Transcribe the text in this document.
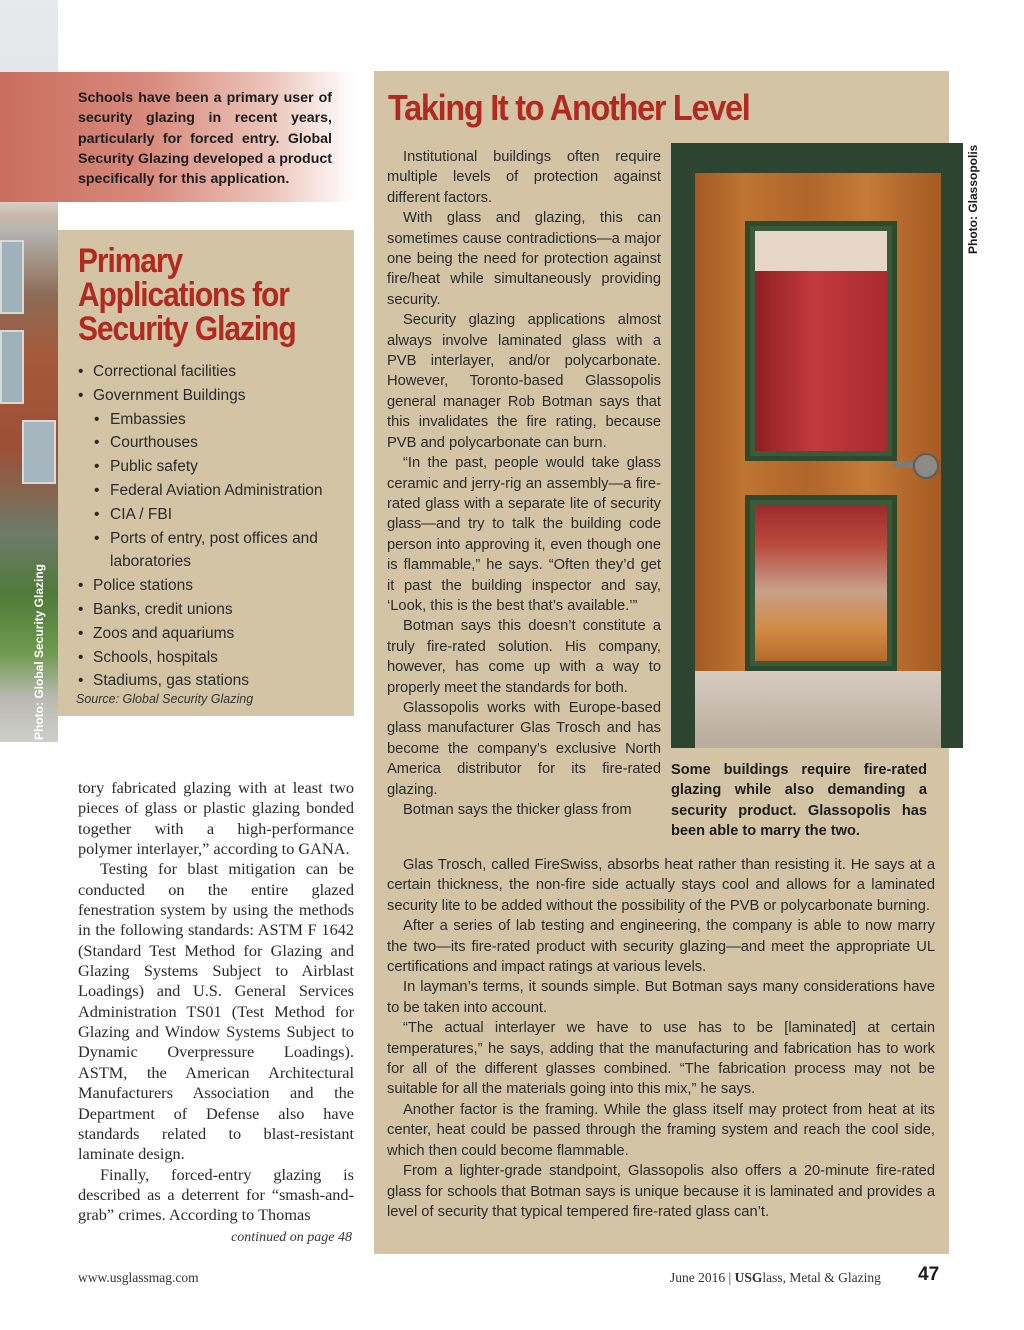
Photo: Global Security Glazing
Schools have been a primary user of security glazing in recent years, particularly for forced entry. Global Security Glazing developed a product specifically for this application.
Primary Applications for Security Glazing
• Correctional facilities
• Government Buildings
• Embassies
• Courthouses
• Public safety
• Federal Aviation Administration
• CIA / FBI
• Ports of entry, post offices and
laboratories
• Police stations
• Banks, credit unions
• Zoos and aquariums
• Schools, hospitals
• Stadiums, gas stations
Source: Global Security Glazing

tory fabricated glazing with at least two pieces of glass or plastic glazing bonded together with a high-performance polymer interlayer,” according to GANA.

Testing for blast mitigation can be conducted on the entire glazed fenestration system by using the methods in the following standards: ASTM F 1642 (Standard Test Method for Glazing and Glazing Systems Subject to Airblast Loadings) and U.S. General Services Administration TS01 (Test Method for Glazing and Window Systems Subject to Dynamic Overpressure Loadings). ASTM, the American Architectural Manufacturers Association and the Department of Defense also have standards related to blast-resistant laminate design.

Finally, forced-entry glazing is described as a deterrent for “smash-and-grab” crimes. According to Thomas

continued on page 48
Taking It to Another Level

Institutional buildings often require multiple levels of protection against different factors.

With glass and glazing, this can sometimes cause contradictions—a major one being the need for protection against fire/heat while simultaneously providing security.

Security glazing applications almost always involve laminated glass with a PVB interlayer, and/or polycarbonate. However, Toronto-based Glassopolis general manager Rob Botman says that this invalidates the fire rating, because PVB and polycarbonate can burn.

“In the past, people would take glass ceramic and jerry-rig an assembly—a fire-rated glass with a separate lite of security glass—and try to talk the building code person into approving it, even though one is flammable,” he says. “Often they’d get it past the building inspector and say, ‘Look, this is the best that’s available.’”

Botman says this doesn’t constitute a truly fire-rated solution. His company, however, has come up with a way to properly meet the standards for both.

Glassopolis works with Europe-based glass manufacturer Glas Trosch and has become the company’s exclusive North America distributor for its fire-rated glazing.

Botman says the thicker glass from

Glas Trosch, called FireSwiss, absorbs heat rather than resisting it. He says at a certain thickness, the non-fire side actually stays cool and allows for a laminated security lite to be added without the possibility of the PVB or polycarbonate burning.

After a series of lab testing and engineering, the company is able to now marry the two—its fire-rated product with security glazing—and meet the appropriate UL certifications and impact ratings at various levels.

In layman’s terms, it sounds simple. But Botman says many considerations have to be taken into account.

“The actual interlayer we have to use has to be [laminated] at certain temperatures,” he says, adding that the manufacturing and fabrication has to work for all of the different glasses combined. “The fabrication process may not be suitable for all the materials going into this mix,” he says.

Another factor is the framing. While the glass itself may protect from heat at its center, heat could be passed through the framing system and reach the cool side, which then could become flammable.

From a lighter-grade standpoint, Glassopolis also offers a 20-minute fire-rated glass for schools that Botman says is unique because it is laminated and provides a level of security that typical tempered fire-rated glass can’t.

Photo: Glassopolis
Some buildings require fire-rated glazing while also demanding a security product. Glassopolis has been able to marry the two.
www.usglassmag.com	June 2016 | USGlass, Metal & Glazing 47
